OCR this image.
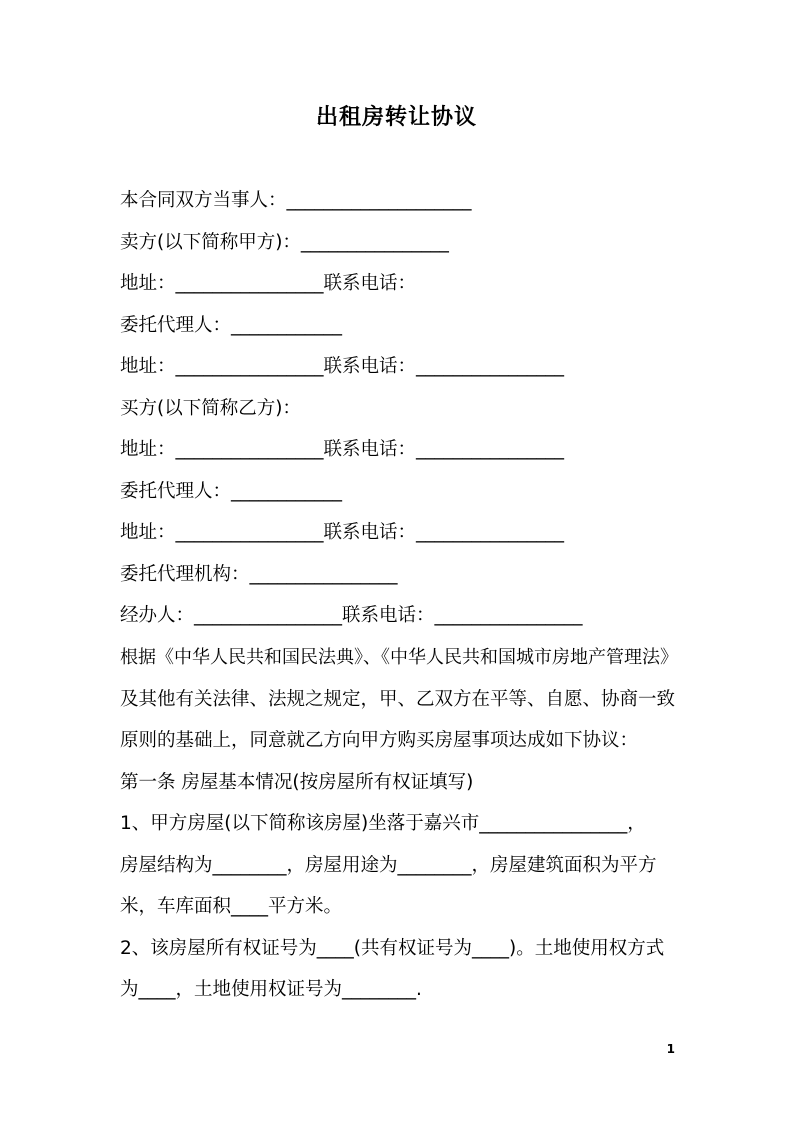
出租房转让协议
本合同双方当事人：____________________
卖方(以下简称甲方)：________________
地址：________________联系电话：
委托代理人：____________
地址：________________联系电话：________________
买方(以下简称乙方)：
地址：________________联系电话：________________
委托代理人：____________
地址：________________联系电话：________________
委托代理机构：________________
经办人：________________联系电话：________________
根据《中华人民共和国民法典》、《中华人民共和国城市房地产管理法》
及其他有关法律、法规之规定，甲、乙双方在平等、自愿、协商一致
原则的基础上，同意就乙方向甲方购买房屋事项达成如下协议：
第一条 房屋基本情况(按房屋所有权证填写)
1、甲方房屋(以下简称该房屋)坐落于嘉兴市________________，
房屋结构为________，房屋用途为________，房屋建筑面积为平方
米，车库面积____平方米。
2、该房屋所有权证号为____(共有权证号为____)。土地使用权方式
为____，土地使用权证号为________.
1
